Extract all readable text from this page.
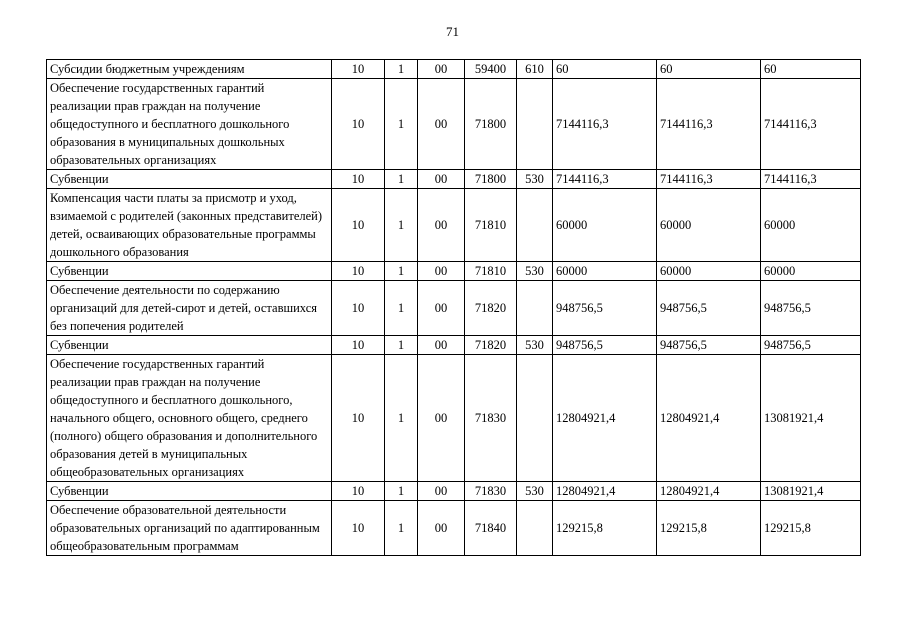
71
Субсидии бюджетным учреждениям	10	1	00	59400	610	60	60	60
Обеспечение государственных гарантий реализации прав граждан на получение общедоступного и бесплатного дошкольного образования в муниципальных дошкольных образовательных организациях	10	1	00	71800		7144116,3	7144116,3	7144116,3
Субвенции	10	1	00	71800	530	7144116,3	7144116,3	7144116,3
Компенсация части платы за присмотр и уход, взимаемой с родителей (законных представителей) детей, осваивающих образовательные программы дошкольного образования	10	1	00	71810		60000	60000	60000
Субвенции	10	1	00	71810	530	60000	60000	60000
Обеспечение деятельности по содержанию организаций для детей-сирот и детей, оставшихся без попечения родителей	10	1	00	71820		948756,5	948756,5	948756,5
Субвенции	10	1	00	71820	530	948756,5	948756,5	948756,5
Обеспечение государственных гарантий реализации прав граждан на получение общедоступного и бесплатного дошкольного, начального общего, основного общего, среднего (полного) общего образования и дополнительного образования детей в муниципальных общеобразовательных организациях	10	1	00	71830		12804921,4	12804921,4	13081921,4
Субвенции	10	1	00	71830	530	12804921,4	12804921,4	13081921,4
Обеспечение образовательной деятельности образовательных организаций по адаптированным общеобразовательным программам	10	1	00	71840		129215,8	129215,8	129215,8
